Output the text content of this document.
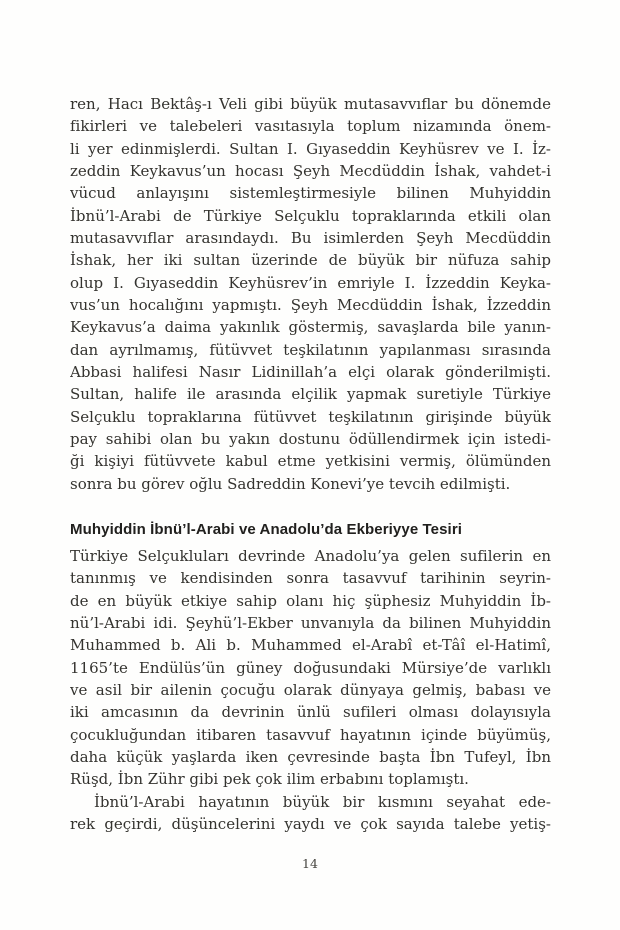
ren, Hacı Bektâş-ı Veli gibi büyük mutasavvıflar bu dönemde
fikirleri ve talebeleri vasıtasıyla toplum nizamında önem-
li yer edinmişlerdi. Sultan I. Gıyaseddin Keyhüsrev ve I. İz-
zeddin Keykavus’un hocası Şeyh Mecdüddin İshak, vahdet-i
vücud anlayışını sistemleştirmesiyle bilinen Muhyiddin
İbnü’l-Arabi de Türkiye Selçuklu topraklarında etkili olan
mutasavvıflar arasındaydı. Bu isimlerden Şeyh Mecdüddin
İshak, her iki sultan üzerinde de büyük bir nüfuza sahip
olup I. Gıyaseddin Keyhüsrev’in emriyle I. İzzeddin Keyka-
vus’un hocalığını yapmıştı. Şeyh Mecdüddin İshak, İzzeddin
Keykavus’a daima yakınlık göstermiş, savaşlarda bile yanın-
dan ayrılmamış, fütüvvet teşkilatının yapılanması sırasında
Abbasi halifesi Nasır Lidinillah’a elçi olarak gönderilmişti.
Sultan, halife ile arasında elçilik yapmak suretiyle Türkiye
Selçuklu topraklarına fütüvvet teşkilatının girişinde büyük
pay sahibi olan bu yakın dostunu ödüllendirmek için istedi-
ği kişiyi fütüvvete kabul etme yetkisini vermiş, ölümünden
sonra bu görev oğlu Sadreddin Konevi’ye tevcih edilmişti.
Muhyiddin İbnü’l-Arabi ve Anadolu’da Ekberiyye Tesiri
Türkiye Selçukluları devrinde Anadolu’ya gelen sufilerin en
tanınmış ve kendisinden sonra tasavvuf tarihinin seyrin-
de en büyük etkiye sahip olanı hiç şüphesiz Muhyiddin İb-
nü’l-Arabi idi. Şeyhü’l-Ekber unvanıyla da bilinen Muhyiddin
Muhammed b. Ali b. Muhammed el-Arabî et-Tâî el-Hatimî,
1165’te Endülüs’ün güney doğusundaki Mürsiye’de varlıklı
ve asil bir ailenin çocuğu olarak dünyaya gelmiş, babası ve
iki amcasının da devrinin ünlü sufileri olması dolayısıyla
çocukluğundan itibaren tasavvuf hayatının içinde büyümüş,
daha küçük yaşlarda iken çevresinde başta İbn Tufeyl, İbn
Rüşd, İbn Zühr gibi pek çok ilim erbabını toplamıştı.
İbnü’l-Arabi hayatının büyük bir kısmını seyahat ede-
rek geçirdi, düşüncelerini yaydı ve çok sayıda talebe yetiş-
14
